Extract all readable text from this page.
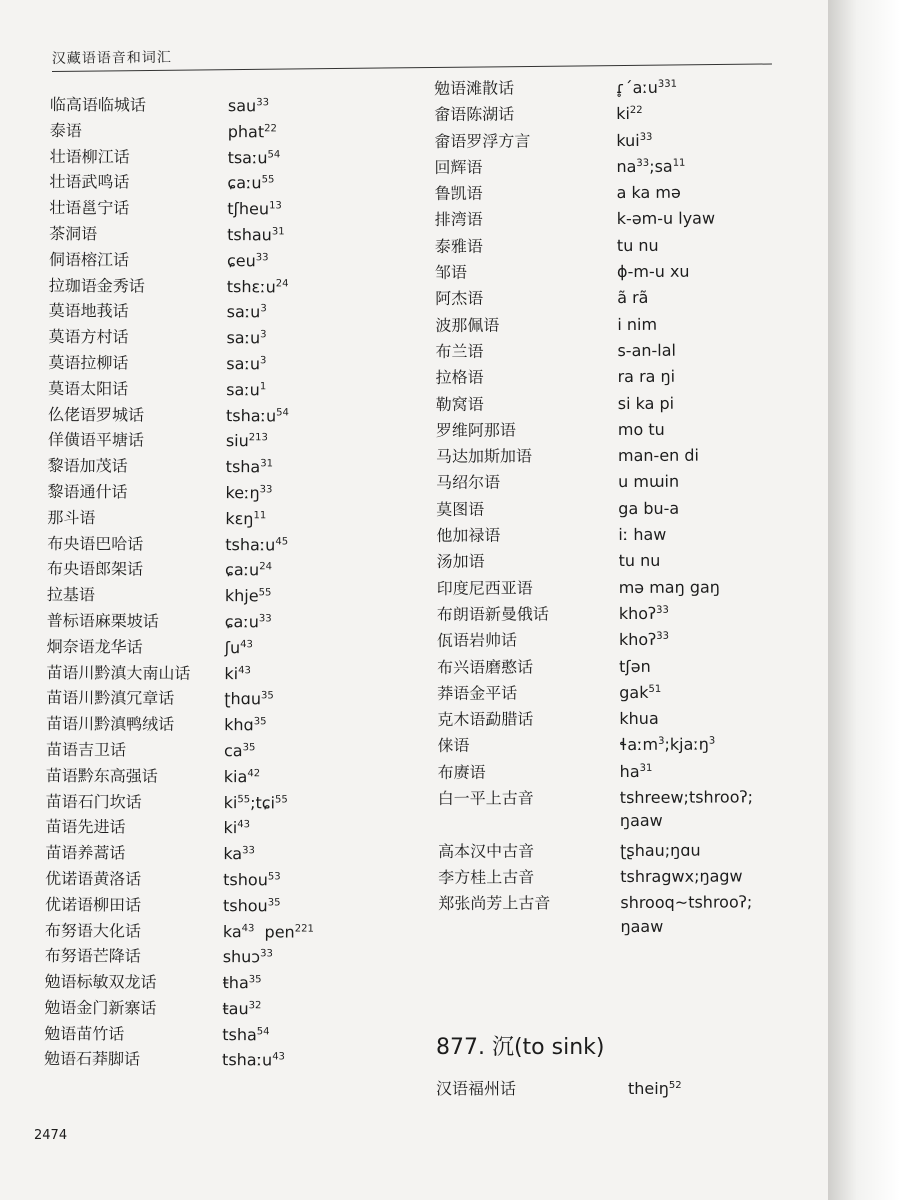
汉藏语语音和词汇
临高语临城话	sau$^{33}$
泰语	phat$^{22}$
壮语柳江话	tsaːu$^{54}$
壮语武鸣话	ɕaːu$^{55}$
壮语邕宁话	tʃheu$^{13}$
茶洞语	tshau$^{31}$
侗语榕江话	ɕeu$^{33}$
拉珈语金秀话	tshɛːu$^{24}$
莫语地莪话	saːu$^3$
莫语方村话	saːu$^3$
莫语拉柳话	saːu$^3$
莫语太阳话	saːu$^1$
仫佬语罗城话	tshaːu$^{54}$
佯僙语平塘话	siu$^{213}$
黎语加茂话	tsha$^{31}$
黎语通什话	keːŋ$^{33}$
那斗语	kɛŋ$^{11}$
布央语巴哈话	tshaːu$^{45}$
布央语郎架话	ɕaːu$^{24}$
拉基语	khje$^{55}$
普标语麻栗坡话	ɕaːu$^{33}$
炯奈语龙华话	ʃu$^{43}$
苗语川黔滇大南山话	$ki^{43}$
苗语川黔滇冗章话	ʈhɑu$^{35}$
苗语川黔滇鸭绒话	khɑ$^{35}$
苗语吉卫话	$ca^{35}$
苗语黔东高强话	kia$^{42}$
苗语石门坎话	$ki^{55};tɕi^{55}$
苗语先进话	$ki^{43}$
苗语养蒿话	$ka^{33}$
优诺语黄洛话	tshou$^{53}$
优诺语柳田话	tshou$^{35}$
布努语大化话	$ka^{43}$  pen$^{221}$
布努语芒降话	shuɔ$^{33}$
勉语标敏双龙话	ŧha$^{35}$
勉语金门新寨话	ŧau$^{32}$
勉语苗竹话	tsha$^{54}$
勉语石莽脚话	tshaːu$^{43}$
勉语滩散话	ɾ̥ˊaːu$^{331}$
畲语陈湖话	$ki^{22}$
畲语罗浮方言	kui$^{33}$
回辉语	$na^{33};sa^{11}$
鲁凯语	a ka mə
排湾语	k-əm-u lyaw
泰雅语	tu nu
邹语	ɸ-m-u xu
阿杰语	ã rã
波那佩语	i nim
布兰语	s-an-lal
拉格语	ra ra ŋi
勒窝语	si ka pi
罗维阿那语	mo tu
马达加斯加语	man-en di
马绍尔语	u mɯin
莫图语	ga bu-a
他加禄语	iː haw
汤加语	tu nu
印度尼西亚语	mə maŋ gaŋ
布朗语新曼俄话	khoʔ$^{33}$
佤语岩帅话	khoʔ$^{33}$
布兴语磨憨话	tʃən
莽语金平话	gak$^{51}$
克木语勐腊话	khua
俫语	ɬaːm$^3$;kjaːŋ$^3$
布赓语	$ha^{31}$
白一平上古音	tshreew;tshrooʔ;
ŋaaw
高本汉中古音	ʈʂhau;ŋɑu
李方桂上古音	tshragwx;ŋagw
郑张尚芳上古音	shrooq~tshrooʔ;
ŋaaw
877. 沉(to sink)
汉语福州话	theiŋ$^{52}$
2474
